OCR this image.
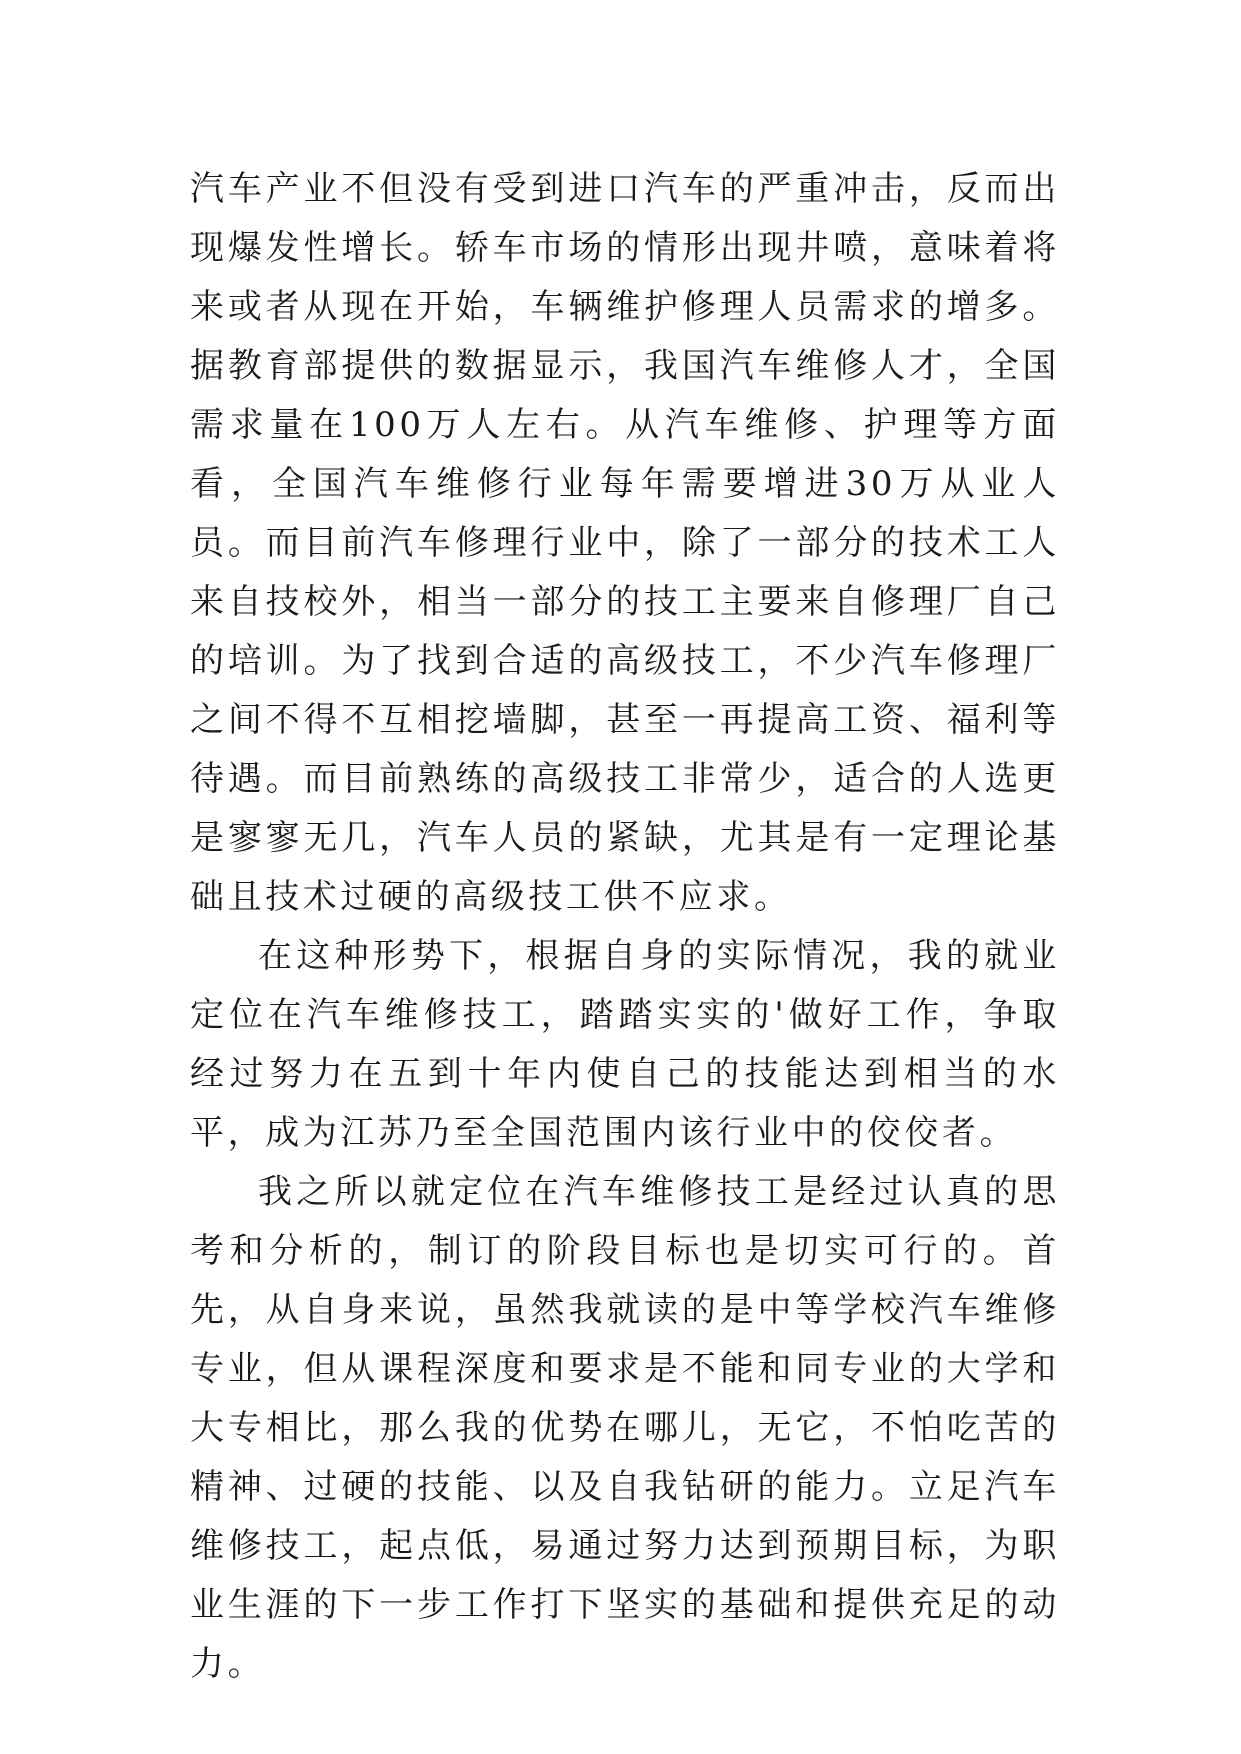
汽车产业不但没有受到进口汽车的严重冲击，反而出现爆发性增长。轿车市场的情形出现井喷，意味着将来或者从现在开始，车辆维护修理人员需求的增多。据教育部提供的数据显示，我国汽车维修人才，全国需求量在100万人左右。从汽车维修、护理等方面看，全国汽车维修行业每年需要增进30万从业人员。而目前汽车修理行业中，除了一部分的技术工人来自技校外，相当一部分的技工主要来自修理厂自己的培训。为了找到合适的高级技工，不少汽车修理厂之间不得不互相挖墙脚，甚至一再提高工资、福利等待遇。而目前熟练的高级技工非常少，适合的人选更是寥寥无几，汽车人员的紧缺，尤其是有一定理论基础且技术过硬的高级技工供不应求。

在这种形势下，根据自身的实际情况，我的就业定位在汽车维修技工，踏踏实实的'做好工作，争取经过努力在五到十年内使自己的技能达到相当的水平，成为江苏乃至全国范围内该行业中的佼佼者。

我之所以就定位在汽车维修技工是经过认真的思考和分析的，制订的阶段目标也是切实可行的。首先，从自身来说，虽然我就读的是中等学校汽车维修专业，但从课程深度和要求是不能和同专业的大学和大专相比，那么我的优势在哪儿，无它，不怕吃苦的精神、过硬的技能、以及自我钻研的能力。立足汽车维修技工，起点低，易通过努力达到预期目标，为职业生涯的下一步工作打下坚实的基础和提供充足的动力。
